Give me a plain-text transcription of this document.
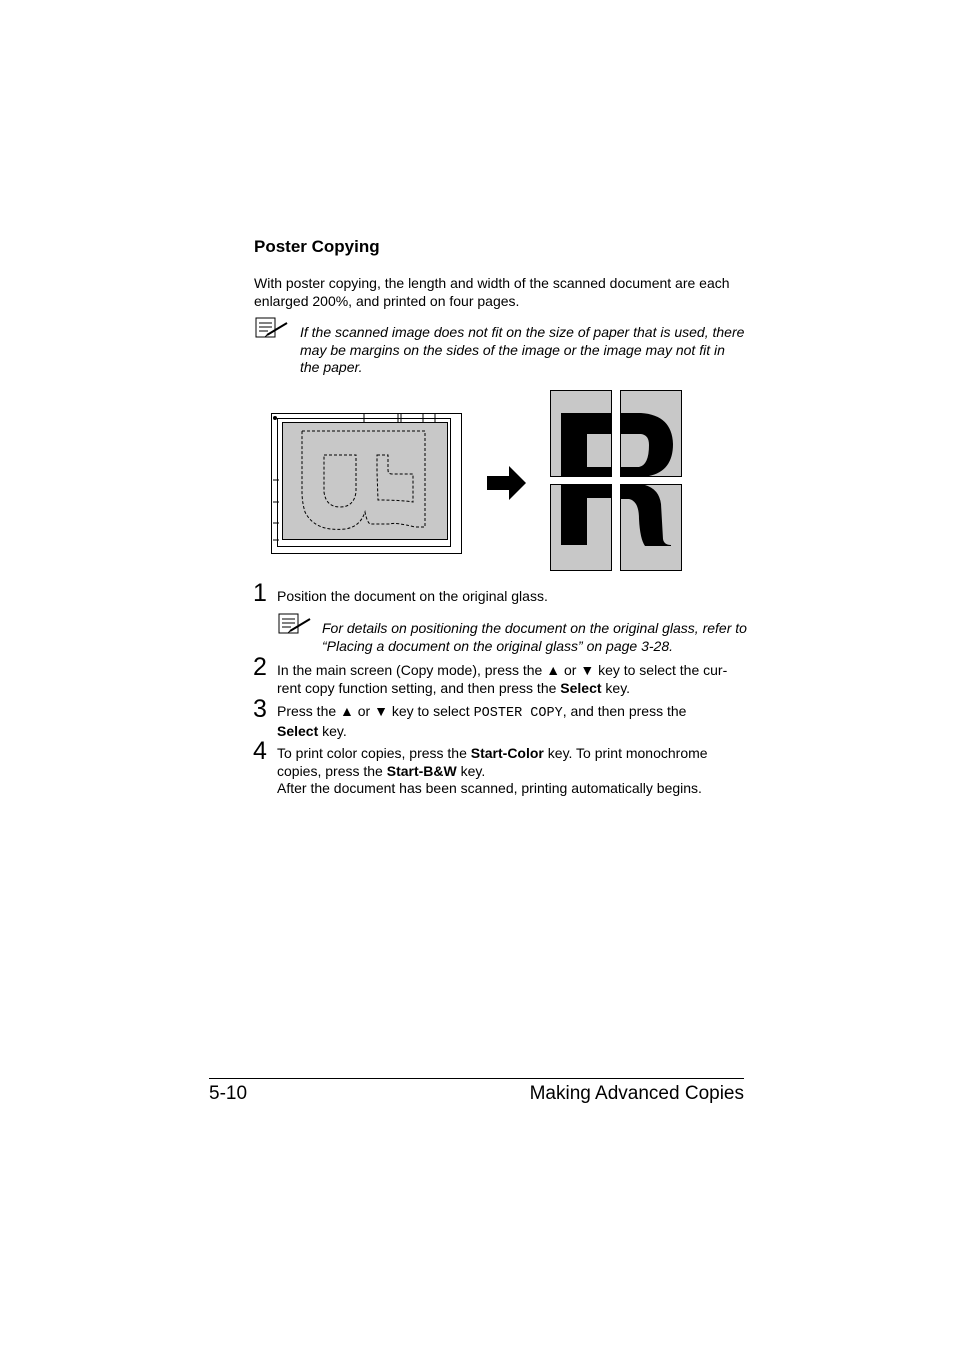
Poster Copying

With poster copying, the length and width of the scanned document are each enlarged 200%, and printed on four pages.

If the scanned image does not fit on the size of paper that is used, there may be margins on the sides of the image or the image may not fit in the paper.

1 Position the document on the original glass.

For details on positioning the document on the original glass, refer to “Placing a document on the original glass” on page 3-28.

2 In the main screen (Copy mode), press the ▲ or ▼ key to select the cur-
rent copy function setting, and then press the Select key.
3 Press the ▲ or ▼ key to select POSTER COPY, and then press the
Select key.
4 To print color copies, press the Start-Color key. To print monochrome
copies, press the Start-B&W key.
After the document has been scanned, printing automatically begins.
5-10	Making Advanced Copies
